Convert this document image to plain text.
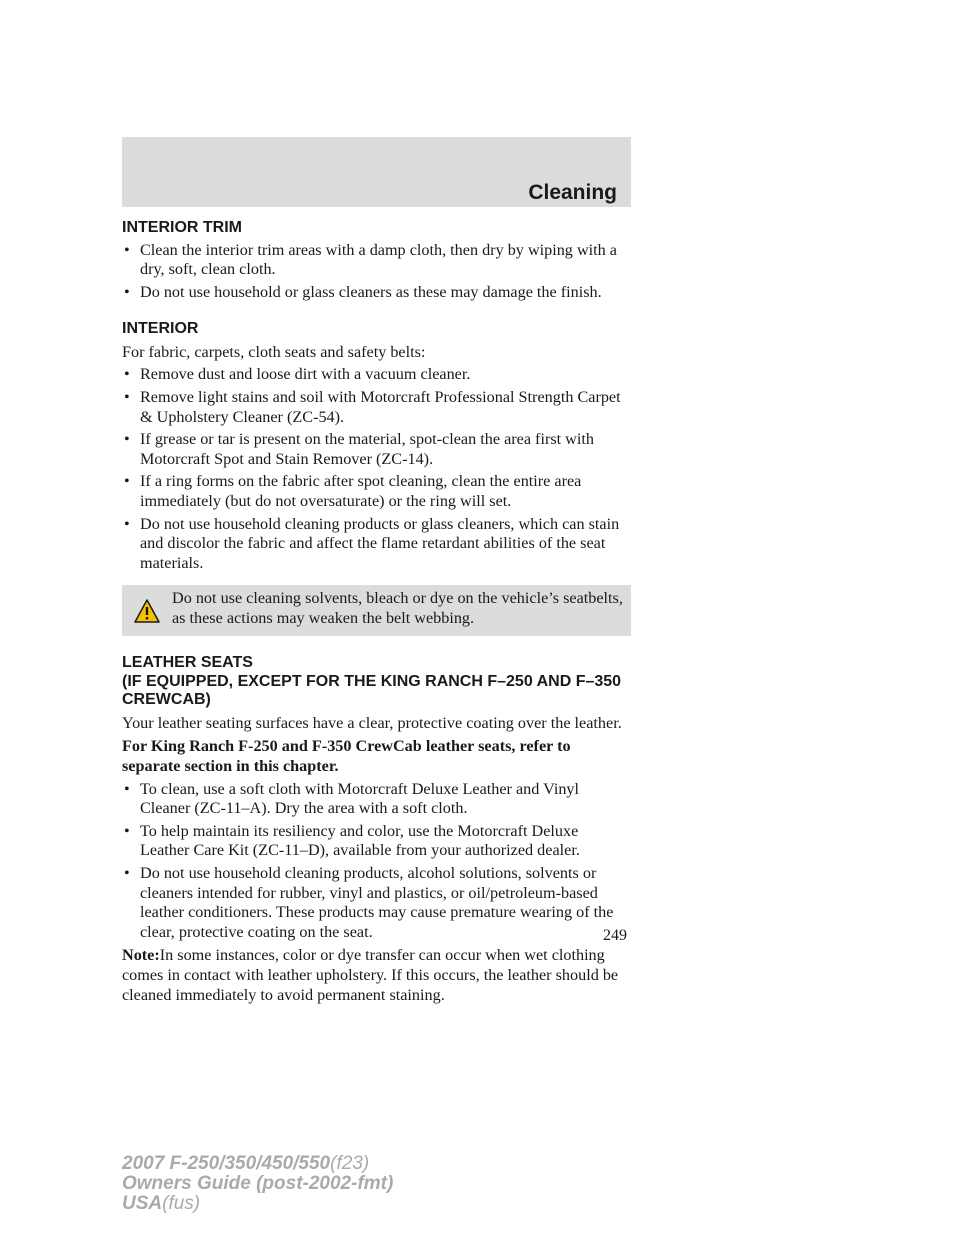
Cleaning
INTERIOR TRIM
• Clean the interior trim areas with a damp cloth, then dry by wiping with a dry, soft, clean cloth.
• Do not use household or glass cleaners as these may damage the finish.
INTERIOR

For fabric, carpets, cloth seats and safety belts:

• Remove dust and loose dirt with a vacuum cleaner.
• Remove light stains and soil with Motorcraft Professional Strength Carpet & Upholstery Cleaner (ZC-54).
• If grease or tar is present on the material, spot-clean the area first with Motorcraft Spot and Stain Remover (ZC-14).
• If a ring forms on the fabric after spot cleaning, clean the entire area immediately (but do not oversaturate) or the ring will set.
• Do not use household cleaning products or glass cleaners, which can stain and discolor the fabric and affect the flame retardant abilities of the seat materials.

Do not use cleaning solvents, bleach or dye on the vehicle’s seatbelts, as these actions may weaken the belt webbing.

LEATHER SEATS
(IF EQUIPPED, EXCEPT FOR THE KING RANCH F–250 AND F–350 CREWCAB)

Your leather seating surfaces have a clear, protective coating over the leather.

For King Ranch F-250 and F-350 CrewCab leather seats, refer to separate section in this chapter.

• To clean, use a soft cloth with Motorcraft Deluxe Leather and Vinyl Cleaner (ZC-11–A). Dry the area with a soft cloth.
• To help maintain its resiliency and color, use the Motorcraft Deluxe Leather Care Kit (ZC-11–D), available from your authorized dealer.
• Do not use household cleaning products, alcohol solutions, solvents or cleaners intended for rubber, vinyl and plastics, or oil/petroleum-based leather conditioners. These products may cause premature wearing of the clear, protective coating on the seat.

Note:In some instances, color or dye transfer can occur when wet clothing comes in contact with leather upholstery. If this occurs, the leather should be cleaned immediately to avoid permanent staining.

249
2007 F-250/350/450/550(f23)
Owners Guide (post-2002-fmt)
USA(fus)
